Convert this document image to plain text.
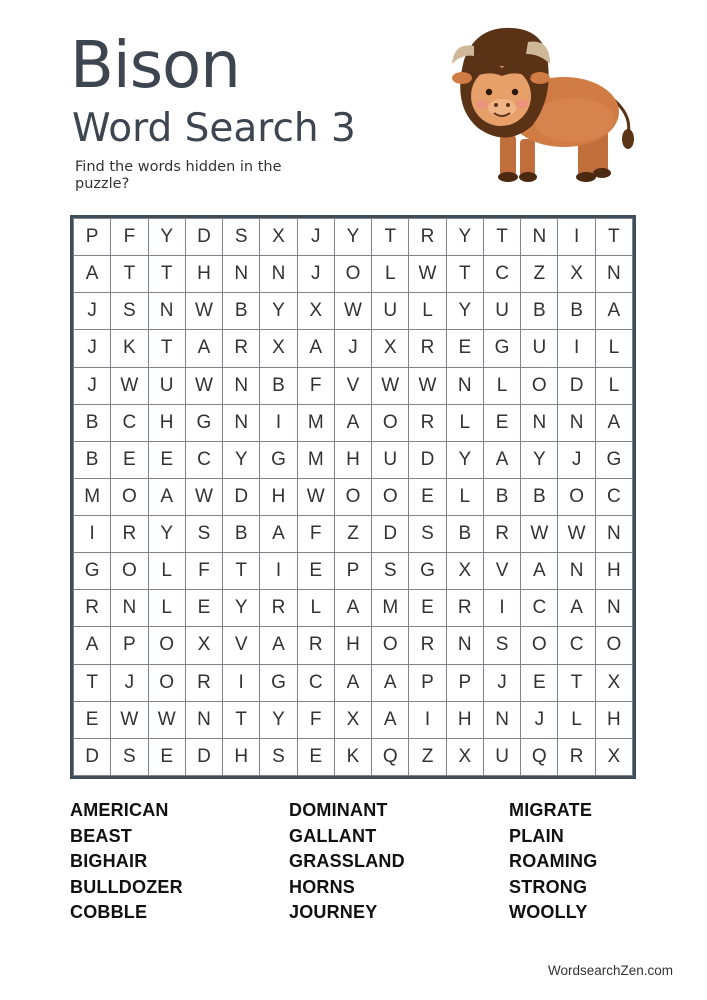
Bison
Word Search 3
Find the words hidden in the puzzle?
P	F	Y	D	S	X	J	Y	T	R	Y	T	N	I	T
A	T	T	H	N	N	J	O	L	W	T	C	Z	X	N
J	S	N	W	B	Y	X	W	U	L	Y	U	B	B	A
J	K	T	A	R	X	A	J	X	R	E	G	U	I	L
J	W	U	W	N	B	F	V	W	W	N	L	O	D	L
B	C	H	G	N	I	M	A	O	R	L	E	N	N	A
B	E	E	C	Y	G	M	H	U	D	Y	A	Y	J	G
M	O	A	W	D	H	W	O	O	E	L	B	B	O	C
I	R	Y	S	B	A	F	Z	D	S	B	R	W	W	N
G	O	L	F	T	I	E	P	S	G	X	V	A	N	H
R	N	L	E	Y	R	L	A	M	E	R	I	C	A	N
A	P	O	X	V	A	R	H	O	R	N	S	O	C	O
T	J	O	R	I	G	C	A	A	P	P	J	E	T	X
E	W	W	N	T	Y	F	X	A	I	H	N	J	L	H
D	S	E	D	H	S	E	K	Q	Z	X	U	Q	R	X
AMERICAN
BEAST
BIGHAIR
BULLDOZER
COBBLE
DOMINANT
GALLANT
GRASSLAND
HORNS
JOURNEY
MIGRATE
PLAIN
ROAMING
STRONG
WOOLLY
WordsearchZen.com
